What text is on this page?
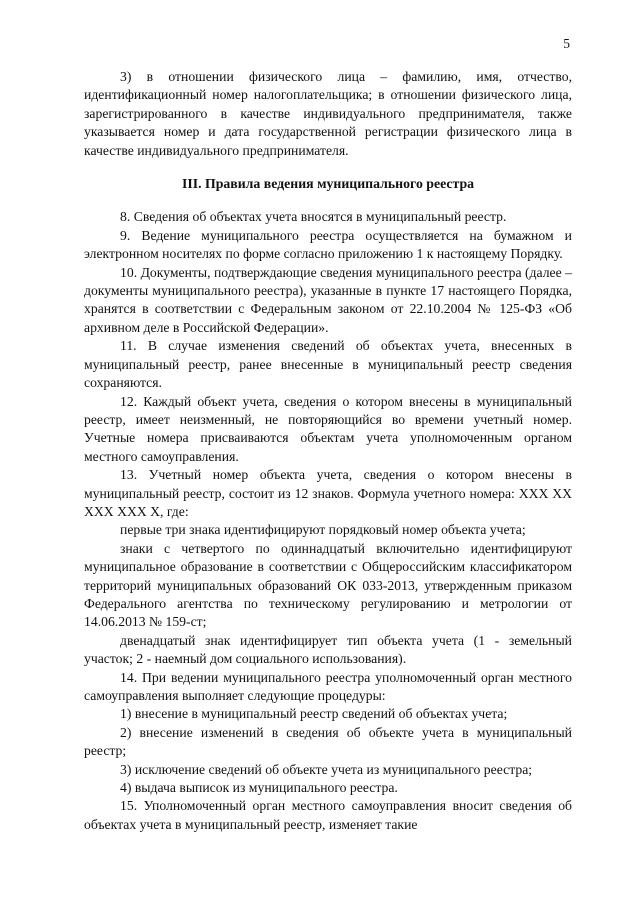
5

3) в отношении физического лица – фамилию, имя, отчество, идентификационный номер налогоплательщика; в отношении физического лица, зарегистрированного в качестве индивидуального предпринимателя, также указывается номер и дата государственной регистрации физического лица в качестве индивидуального предпринимателя.

III. Правила ведения муниципального реестра

8. Сведения об объектах учета вносятся в муниципальный реестр.

9. Ведение муниципального реестра осуществляется на бумажном и электронном носителях по форме согласно приложению 1 к настоящему Порядку.

10. Документы, подтверждающие сведения муниципального реестра (далее – документы муниципального реестра), указанные в пункте 17 настоящего Порядка, хранятся в соответствии с Федеральным законом от 22.10.2004 № 125-ФЗ «Об архивном деле в Российской Федерации».

11. В случае изменения сведений об объектах учета, внесенных в муниципальный реестр, ранее внесенные в муниципальный реестр сведения сохраняются.

12. Каждый объект учета, сведения о котором внесены в муниципальный реестр, имеет неизменный, не повторяющийся во времени учетный номер. Учетные номера присваиваются объектам учета уполномоченным органом местного самоуправления.

13. Учетный номер объекта учета, сведения о котором внесены в муниципальный реестр, состоит из 12 знаков. Формула учетного номера: XXX XX XXX XXX X, где:

первые три знака идентифицируют порядковый номер объекта учета;

знаки с четвертого по одиннадцатый включительно идентифицируют муниципальное образование в соответствии с Общероссийским классификатором территорий муниципальных образований ОК 033-2013, утвержденным приказом Федерального агентства по техническому регулированию и метрологии от 14.06.2013 № 159-ст;

двенадцатый знак идентифицирует тип объекта учета (1 - земельный участок; 2 - наемный дом социального использования).

14. При ведении муниципального реестра уполномоченный орган местного самоуправления выполняет следующие процедуры:

1) внесение в муниципальный реестр сведений об объектах учета;

2) внесение изменений в сведения об объекте учета в муниципальный реестр;

3) исключение сведений об объекте учета из муниципального реестра;

4) выдача выписок из муниципального реестра.

15. Уполномоченный орган местного самоуправления вносит сведения об объектах учета в муниципальный реестр, изменяет такие
